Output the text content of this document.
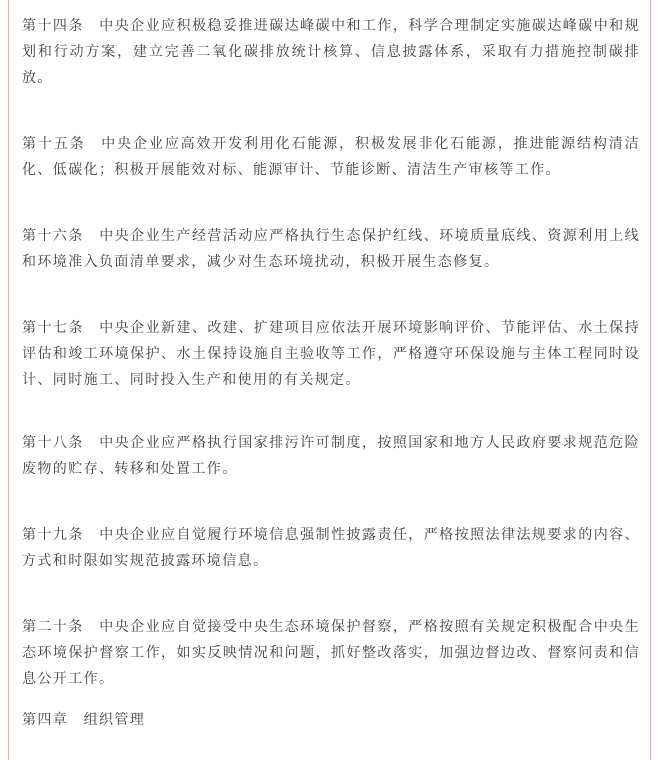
第十四条　中央企业应积极稳妥推进碳达峰碳中和工作，科学合理制定实施碳达峰碳中和规划和行动方案，建立完善二氧化碳排放统计核算、信息披露体系，采取有力措施控制碳排放。

第十五条　中央企业应高效开发利用化石能源，积极发展非化石能源，推进能源结构清洁化、低碳化；积极开展能效对标、能源审计、节能诊断、清洁生产审核等工作。

第十六条　中央企业生产经营活动应严格执行生态保护红线、环境质量底线、资源利用上线和环境准入负面清单要求，减少对生态环境扰动，积极开展生态修复。

第十七条　中央企业新建、改建、扩建项目应依法开展环境影响评价、节能评估、水土保持评估和竣工环境保护、水土保持设施自主验收等工作，严格遵守环保设施与主体工程同时设计、同时施工、同时投入生产和使用的有关规定。

第十八条　中央企业应严格执行国家排污许可制度，按照国家和地方人民政府要求规范危险废物的贮存、转移和处置工作。

第十九条　中央企业应自觉履行环境信息强制性披露责任，严格按照法律法规要求的内容、方式和时限如实规范披露环境信息。

第二十条　中央企业应自觉接受中央生态环境保护督察，严格按照有关规定积极配合中央生态环境保护督察工作，如实反映情况和问题，抓好整改落实，加强边督边改、督察问责和信息公开工作。

第四章　组织管理
